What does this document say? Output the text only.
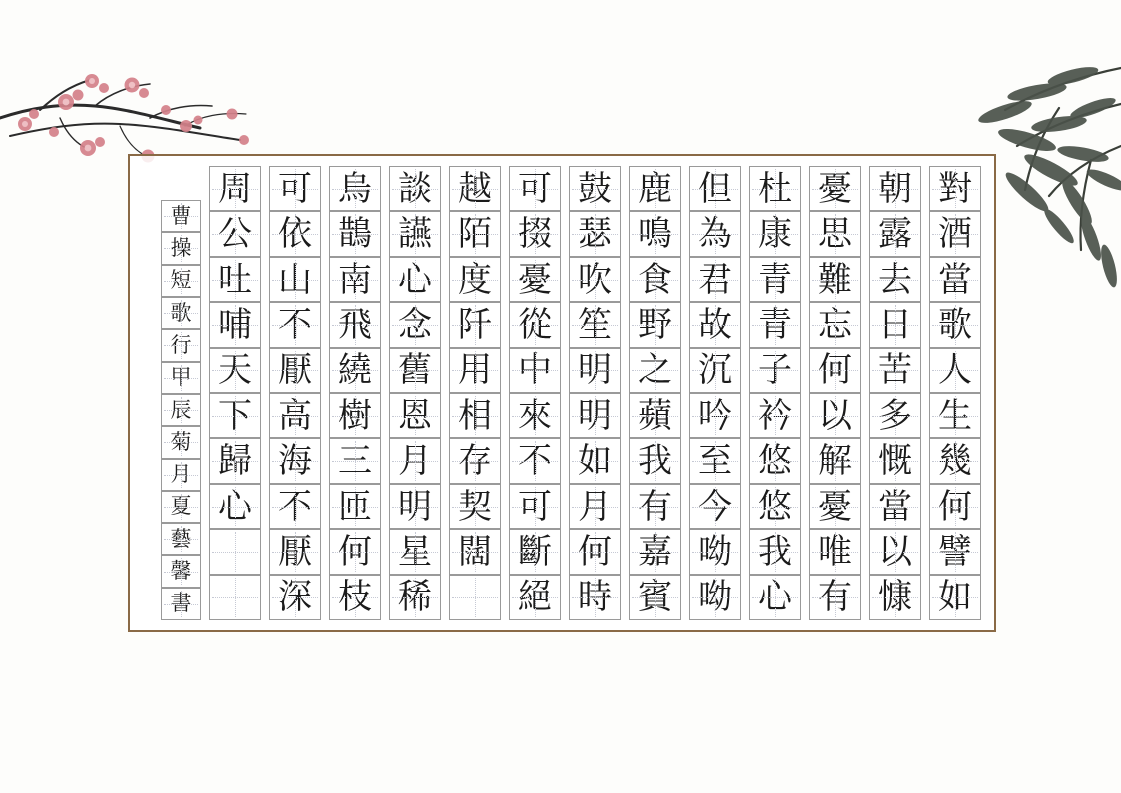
對
酒
當
歌
人
生
幾
何
譬
如
朝
露
去
日
苦
多
慨
當
以
慷
憂
思
難
忘
何
以
解
憂
唯
有
杜
康
青
青
子
衿
悠
悠
我
心
但
為
君
故
沉
吟
至
今
呦
呦
鹿
鳴
食
野
之
蘋
我
有
嘉
賓
鼓
瑟
吹
笙
明
明
如
月
何
時
可
掇
憂
從
中
來
不
可
斷
絕
越
陌
度
阡
用
相
存
契
闊
談
讌
心
念
舊
恩
月
明
星
稀
烏
鵲
南
飛
繞
樹
三
匝
何
枝
可
依
山
不
厭
高
海
不
厭
深
周
公
吐
哺
天
下
歸
心
曹
操
短
歌
行
甲
辰
菊
月
夏
藝
馨
書
